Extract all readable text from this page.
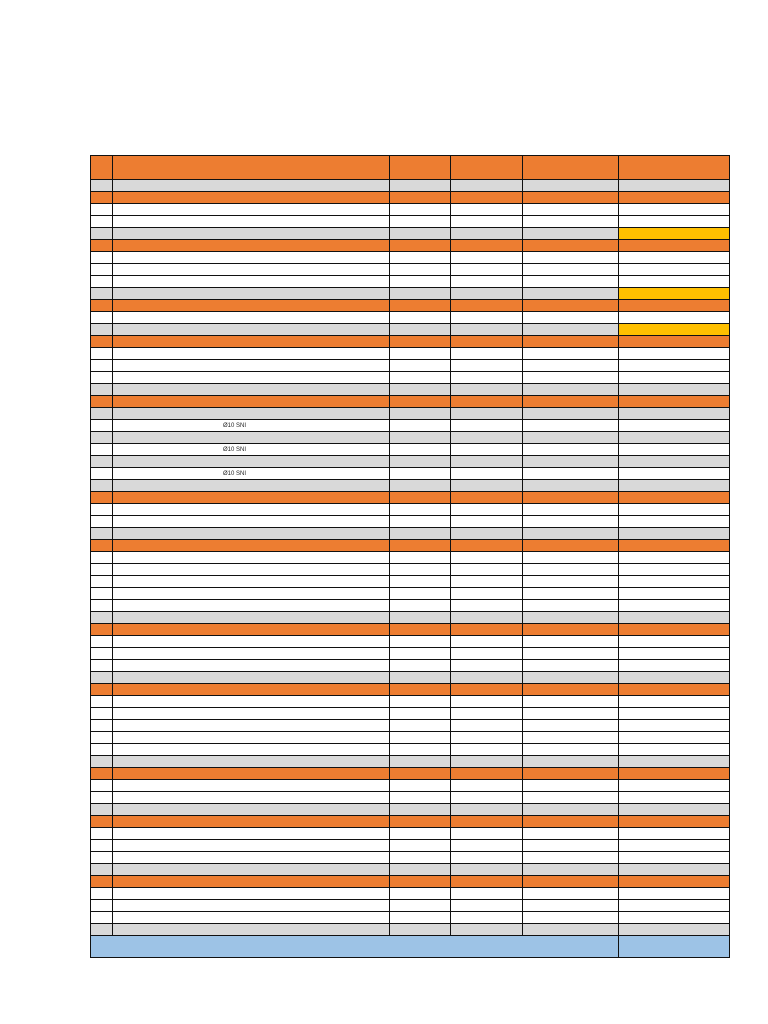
	Ø10 SNI				

	Ø10 SNI				

	Ø10 SNI				
